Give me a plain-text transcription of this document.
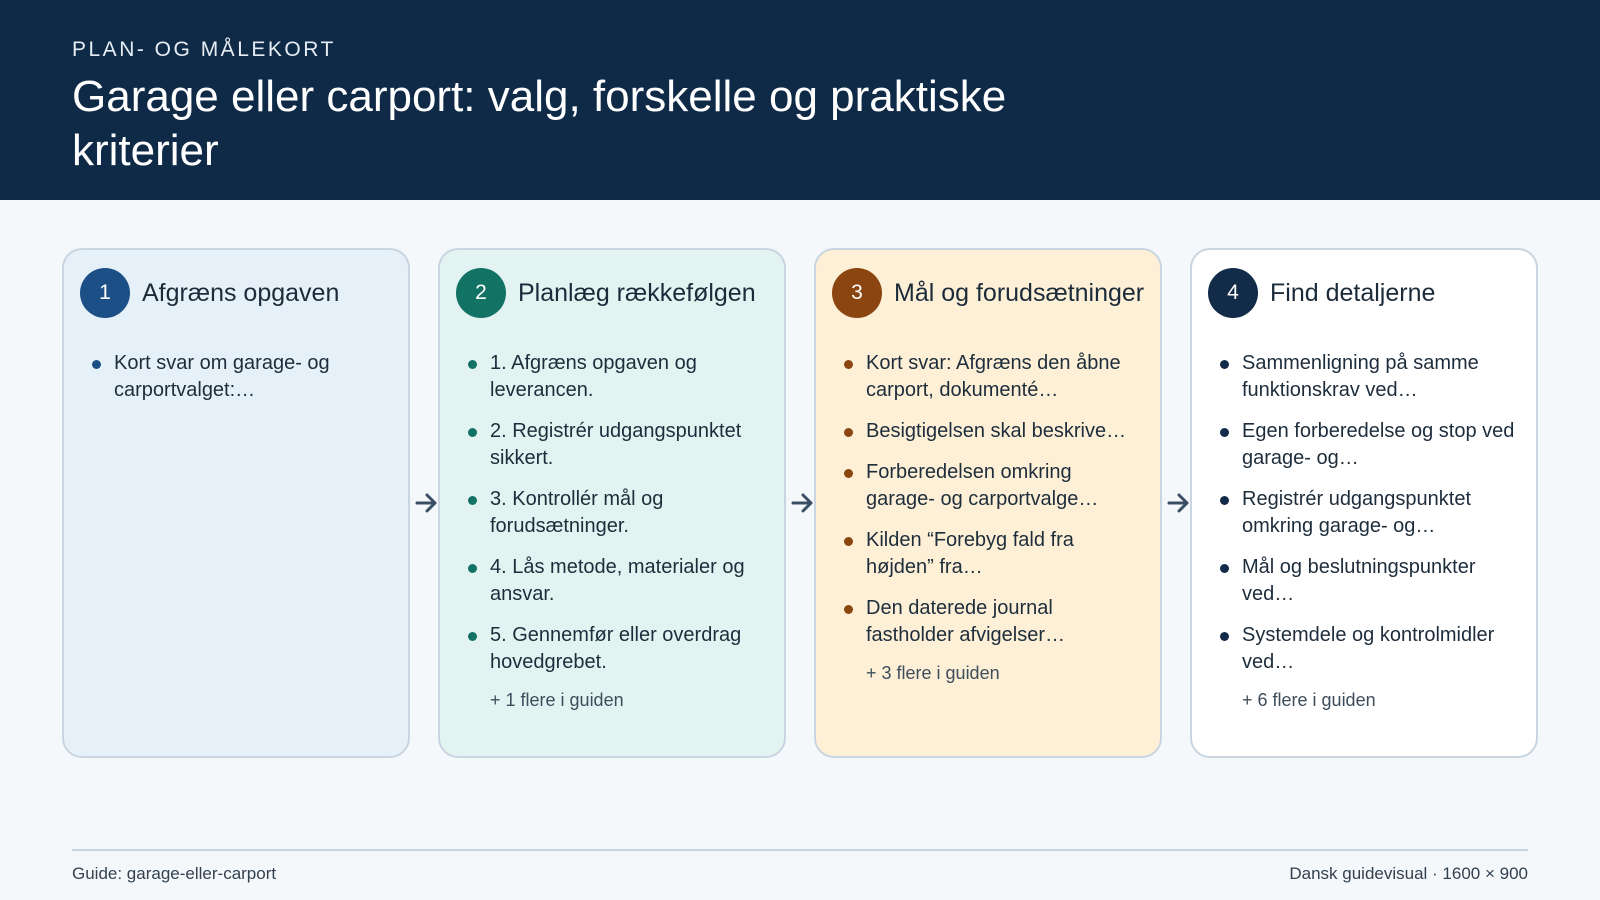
PLAN- OG MÅLEKORT
Garage eller carport: valg, forskelle og praktiske kriterier
1	Afgræns opgaven
Kort svar om garage- og carportvalget:…
2	Planlæg rækkefølgen
1. Afgræns opgaven og leverancen.
2. Registrér udgangspunktet sikkert.
3. Kontrollér mål og forudsætninger.
4. Lås metode, materialer og ansvar.
5. Gennemfør eller overdrag hovedgrebet.
+ 1 flere i guiden
3	Mål og forudsætninger
Kort svar: Afgræns den åbne carport, dokumenté…
Besigtigelsen skal beskrive…
Forberedelsen omkring garage- og carportvalge…
Kilden “Forebyg fald fra højden” fra…
Den daterede journal fastholder afvigelser…
+ 3 flere i guiden
4	Find detaljerne
Sammenligning på samme funktionskrav ved…
Egen forberedelse og stop ved garage- og…
Registrér udgangspunktet omkring garage- og…
Mål og beslutningspunkter ved…
Systemdele og kontrolmidler ved…
+ 6 flere i guiden
Guide: garage-eller-carport	Dansk guidevisual · 1600 × 900
